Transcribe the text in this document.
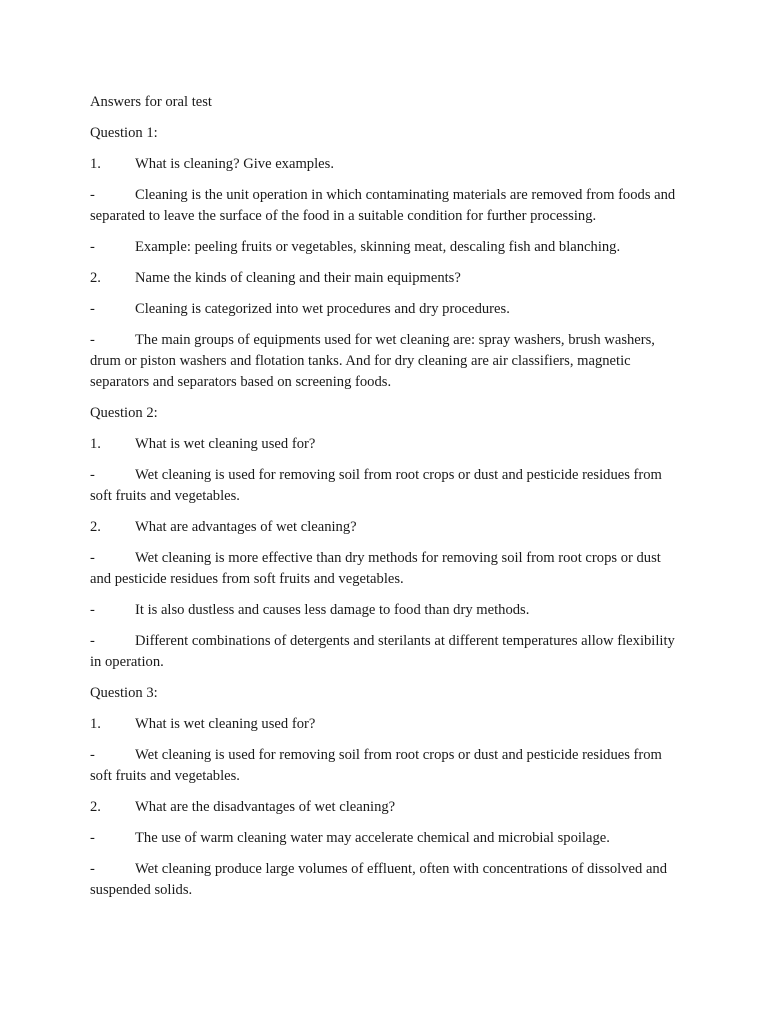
Answers for oral test

Question 1:

1. What is cleaning? Give examples.

-	Cleaning is the unit operation in which contaminating materials are removed from foods and separated to leave the surface of the food in a suitable condition for further processing.

-	Example: peeling fruits or vegetables, skinning meat, descaling fish and blanching.

2. Name the kinds of cleaning and their main equipments?

-	Cleaning is categorized into wet procedures and dry procedures.

-	The main groups of equipments used for wet cleaning are: spray washers, brush washers, drum or piston washers and flotation tanks. And for dry cleaning are air classifiers, magnetic separators and separators based on screening foods.

Question 2:

1. What is wet cleaning used for?

-	Wet cleaning is used for removing soil from root crops or dust and pesticide residues from soft fruits and vegetables.

2. What are advantages of wet cleaning?

-	Wet cleaning is more effective than dry methods for removing soil from root crops or dust and pesticide residues from soft fruits and vegetables.

-	It is also dustless and causes less damage to food than dry methods.

-	Different combinations of detergents and sterilants at different temperatures allow flexibility in operation.

Question 3:

1. What is wet cleaning used for?

-	Wet cleaning is used for removing soil from root crops or dust and pesticide residues from soft fruits and vegetables.

2. What are the disadvantages of wet cleaning?

-	The use of warm cleaning water may accelerate chemical and microbial spoilage.

-	Wet cleaning produce large volumes of effluent, often with concentrations of dissolved and suspended solids.
